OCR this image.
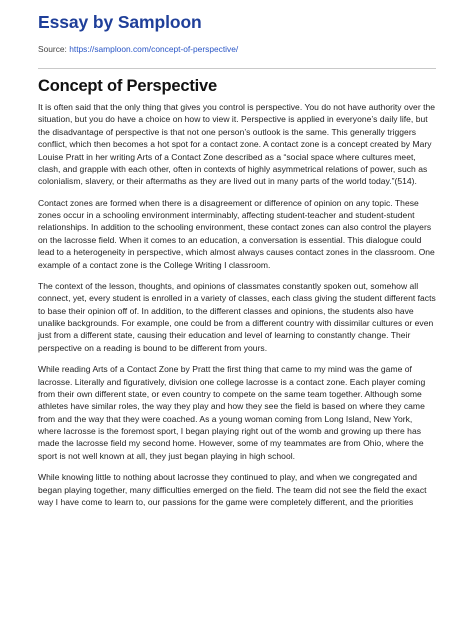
Essay by Samploon
Source: https://samploon.com/concept-of-perspective/
Concept of Perspective

It is often said that the only thing that gives you control is perspective. You do not have authority over the situation, but you do have a choice on how to view it. Perspective is applied in everyone’s daily life, but the disadvantage of perspective is that not one person’s outlook is the same. This generally triggers conflict, which then becomes a hot spot for a contact zone. A contact zone is a concept created by Mary Louise Pratt in her writing Arts of a Contact Zone described as a “social space where cultures meet, clash, and grapple with each other, often in contexts of highly asymmetrical relations of power, such as colonialism, slavery, or their aftermaths as they are lived out in many parts of the world today.”(514).

Contact zones are formed when there is a disagreement or difference of opinion on any topic. These zones occur in a schooling environment interminably, affecting student-teacher and student-student relationships. In addition to the schooling environment, these contact zones can also control the players on the lacrosse field. When it comes to an education, a conversation is essential. This dialogue could lead to a heterogeneity in perspective, which almost always causes contact zones in the classroom. One example of a contact zone is the College Writing I classroom.

The context of the lesson, thoughts, and opinions of classmates constantly spoken out, somehow all connect, yet, every student is enrolled in a variety of classes, each class giving the student different facts to base their opinion off of. In addition, to the different classes and opinions, the students also have unalike backgrounds. For example, one could be from a different country with dissimilar cultures or even just from a different state, causing their education and level of learning to constantly change. Their perspective on a reading is bound to be different from yours.

While reading Arts of a Contact Zone by Pratt the first thing that came to my mind was the game of lacrosse. Literally and figuratively, division one college lacrosse is a contact zone. Each player coming from their own different state, or even country to compete on the same team together. Although some athletes have similar roles, the way they play and how they see the field is based on where they came from and the way that they were coached. As a young woman coming from Long Island, New York, where lacrosse is the foremost sport, I began playing right out of the womb and growing up there has made the lacrosse field my second home. However, some of my teammates are from Ohio, where the sport is not well known at all, they just began playing in high school.

While knowing little to nothing about lacrosse they continued to play, and when we congregated and began playing together, many difficulties emerged on the field. The team did not see the field the exact way I have come to learn to, our passions for the game were completely different, and the priorities
